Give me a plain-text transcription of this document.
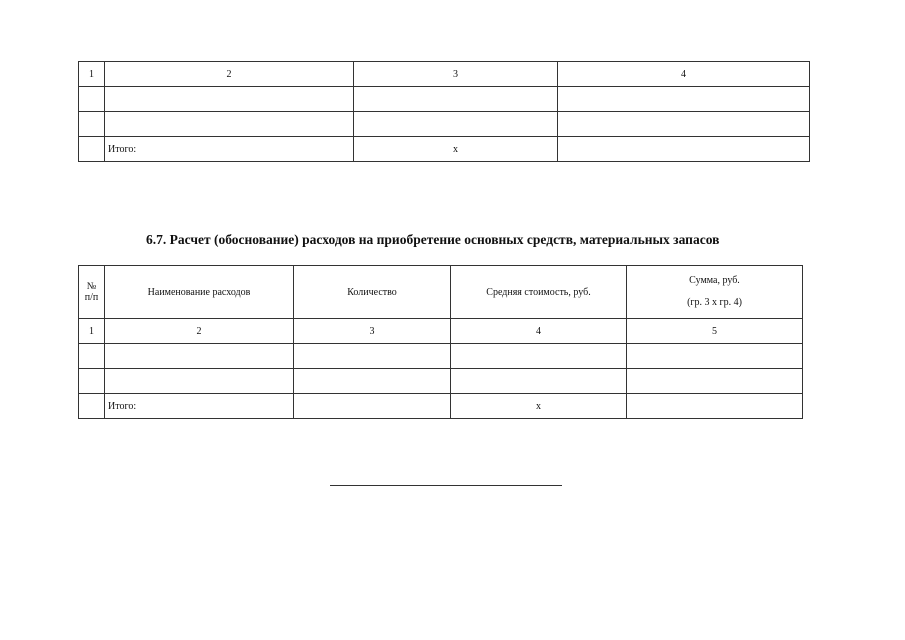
1	2	3	4

	Итого:	x	
6.7. Расчет (обоснование) расходов на приобретение основных средств, материальных запасов
№ п/п	Наименование расходов	Количество	Средняя стоимость, руб.	Сумма, руб.
(гр. 3 x гр. 4)

1	2	3	4	5

	Итого:		x	
